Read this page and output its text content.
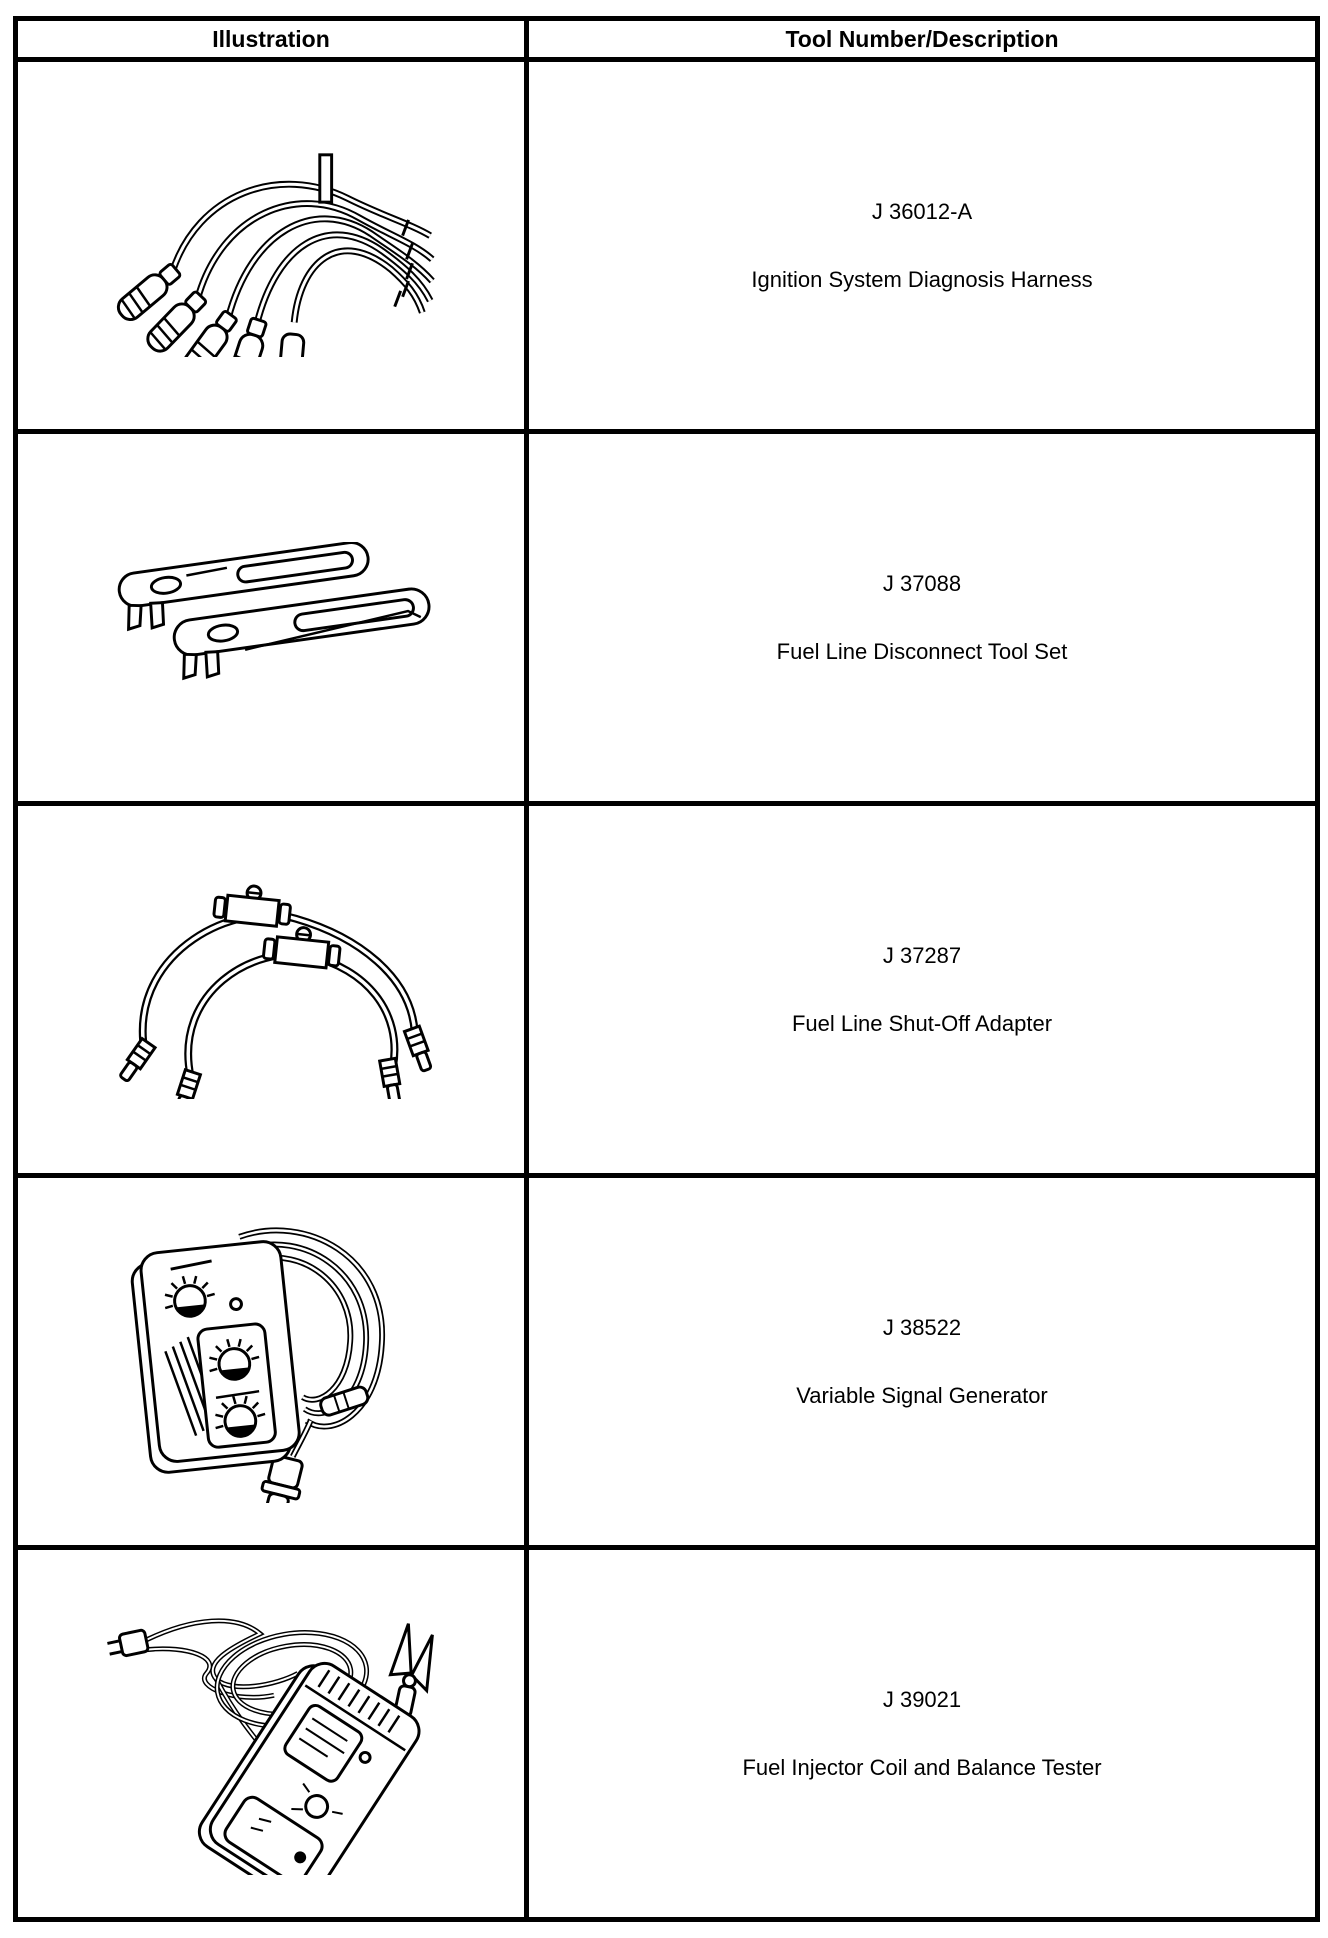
Illustration	Tool Number/Description

J 36012-A
Ignition System Diagnosis Harness

J 37088
Fuel Line Disconnect Tool Set

J 37287
Fuel Line Shut-Off Adapter

J 38522
Variable Signal Generator

J 39021
Fuel Injector Coil and Balance Tester
